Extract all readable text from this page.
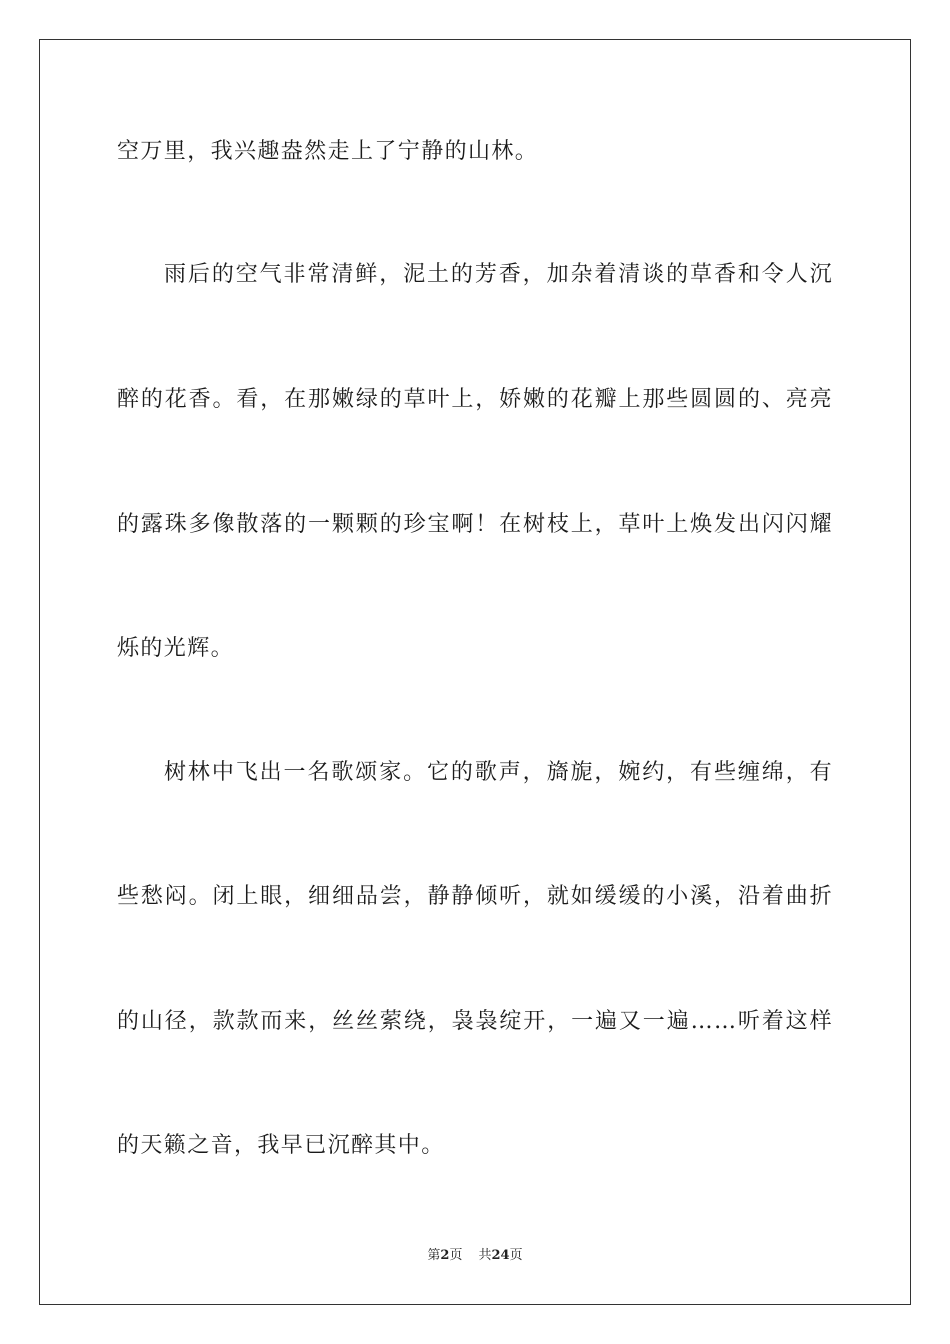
空万里，我兴趣盎然走上了宁静的山林。
雨后的空气非常清鲜，泥土的芳香，加杂着清谈的草香和令人沉
醉的花香。看，在那嫩绿的草叶上，娇嫩的花瓣上那些圆圆的、亮亮
的露珠多像散落的一颗颗的珍宝啊！在树枝上，草叶上焕发出闪闪耀
烁的光辉。
树林中飞出一名歌颂家。它的歌声，旖旎，婉约，有些缠绵，有
些愁闷。闭上眼，细细品尝，静静倾听，就如缓缓的小溪，沿着曲折
的山径，款款而来，丝丝萦绕，袅袅绽开，一遍又一遍……听着这样
的天籁之音，我早已沉醉其中。
第2页 共24页
